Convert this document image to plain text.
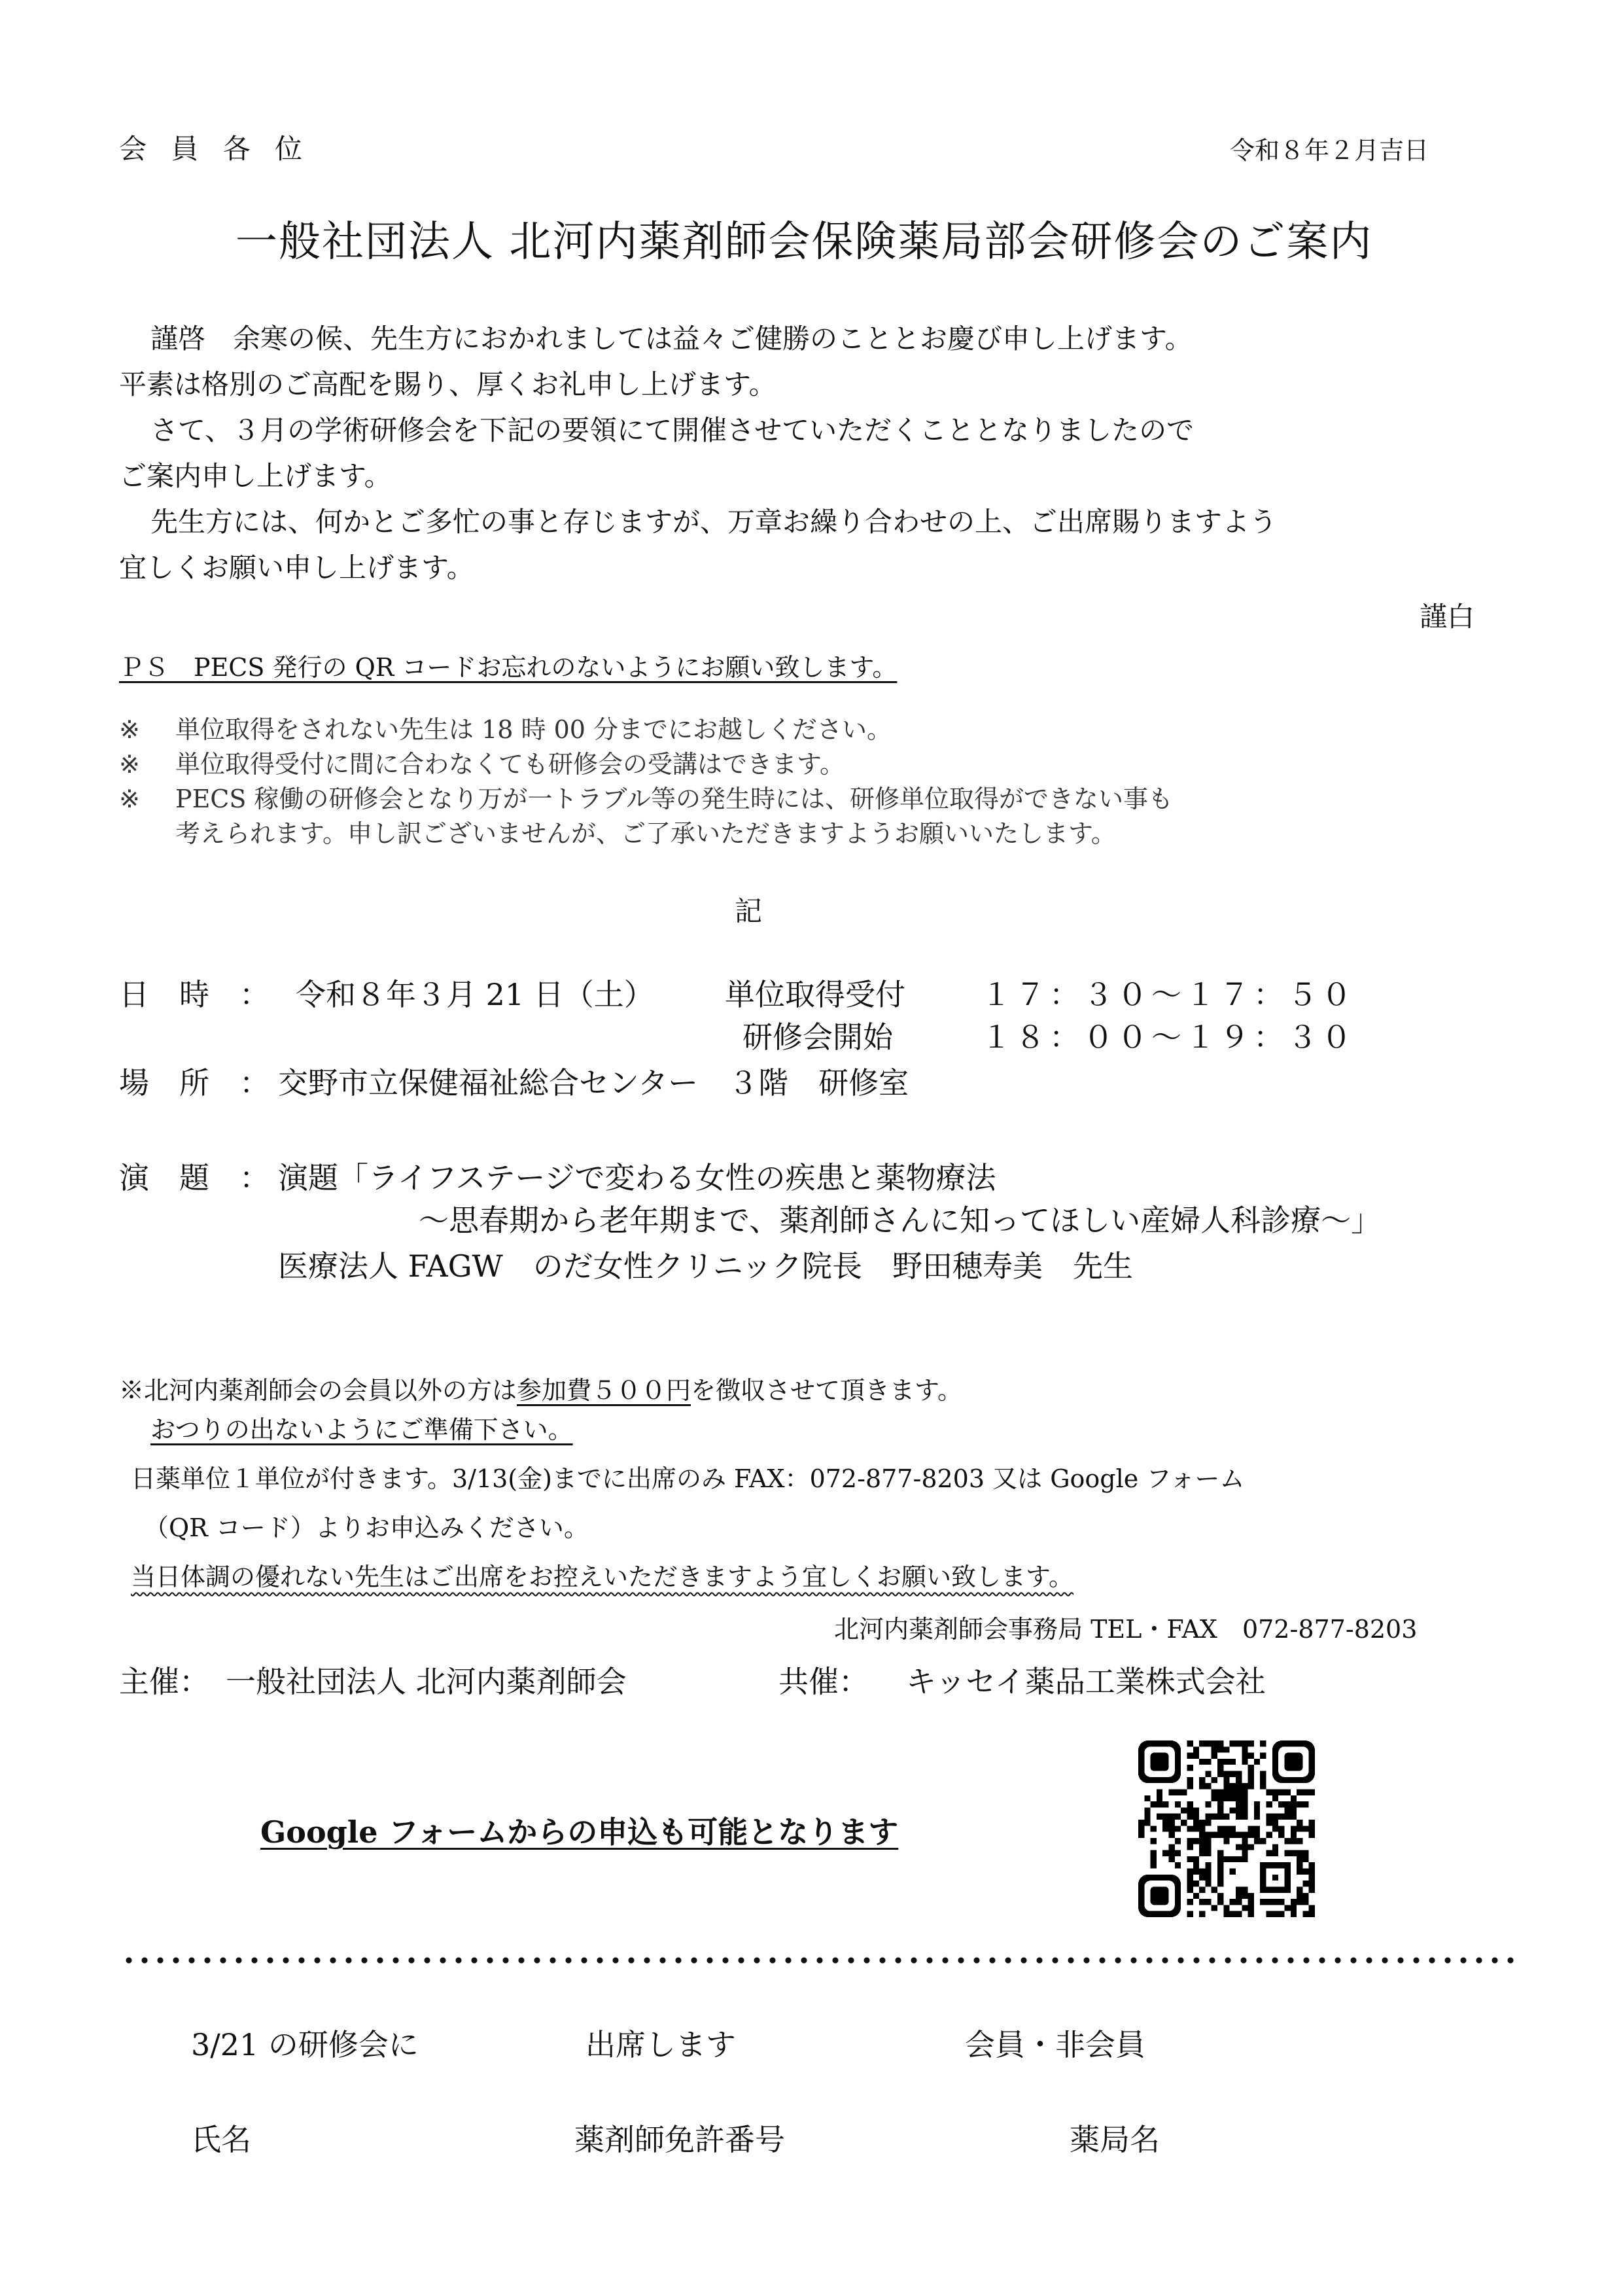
会 員 各 位	令和８年２月吉日
一般社団法人 北河内薬剤師会保険薬局部会研修会のご案内
謹啓　余寒の候、先生方におかれましては益々ご健勝のこととお慶び申し上げます。
平素は格別のご高配を賜り、厚くお礼申し上げます。
さて、３月の学術研修会を下記の要領にて開催させていただくこととなりましたので
ご案内申し上げます。
先生方には、何かとご多忙の事と存じますが、万章お繰り合わせの上、ご出席賜りますよう
宜しくお願い申し上げます。
謹白
ＰＳ　PECS 発行の QR コードお忘れのないようにお願い致します。
※ 単位取得をされない先生は 18 時 00 分までにお越しください。
※ 単位取得受付に間に合わなくても研修会の受講はできます。
※ PECS 稼働の研修会となり万が一トラブル等の発生時には、研修単位取得ができない事も
考えられます。申し訳ございませんが、ご了承いただきますようお願いいたします。
記
日　時　： 令和８年３月 21 日（土） 単位取得受付	１７：３０〜１７：５０
研修会開始	１８：００〜１９：３０
場　所　： 交野市立保健福祉総合センター　３階　研修室
演　題　： 演題「ライフステージで変わる女性の疾患と薬物療法
〜思春期から老年期まで、薬剤師さんに知ってほしい産婦人科診療〜」
医療法人 FAGW　のだ女性クリニック院長　野田穂寿美　先生
※北河内薬剤師会の会員以外の方は参加費５００円を徴収させて頂きます。
おつりの出ないようにご準備下さい。
日薬単位１単位が付きます。3/13(金)までに出席のみ FAX：072-877-8203 又は Google フォーム
（QR コード）よりお申込みください。
当日体調の優れない先生はご出席をお控えいただきますよう宜しくお願い致します。
北河内薬剤師会事務局 TEL・FAX　072-877-8203
主催： 一般社団法人 北河内薬剤師会	共催： キッセイ薬品工業株式会社
Google フォームからの申込も可能となります
3/21 の研修会に	出席します	会員・非会員
氏名	薬剤師免許番号	薬局名
